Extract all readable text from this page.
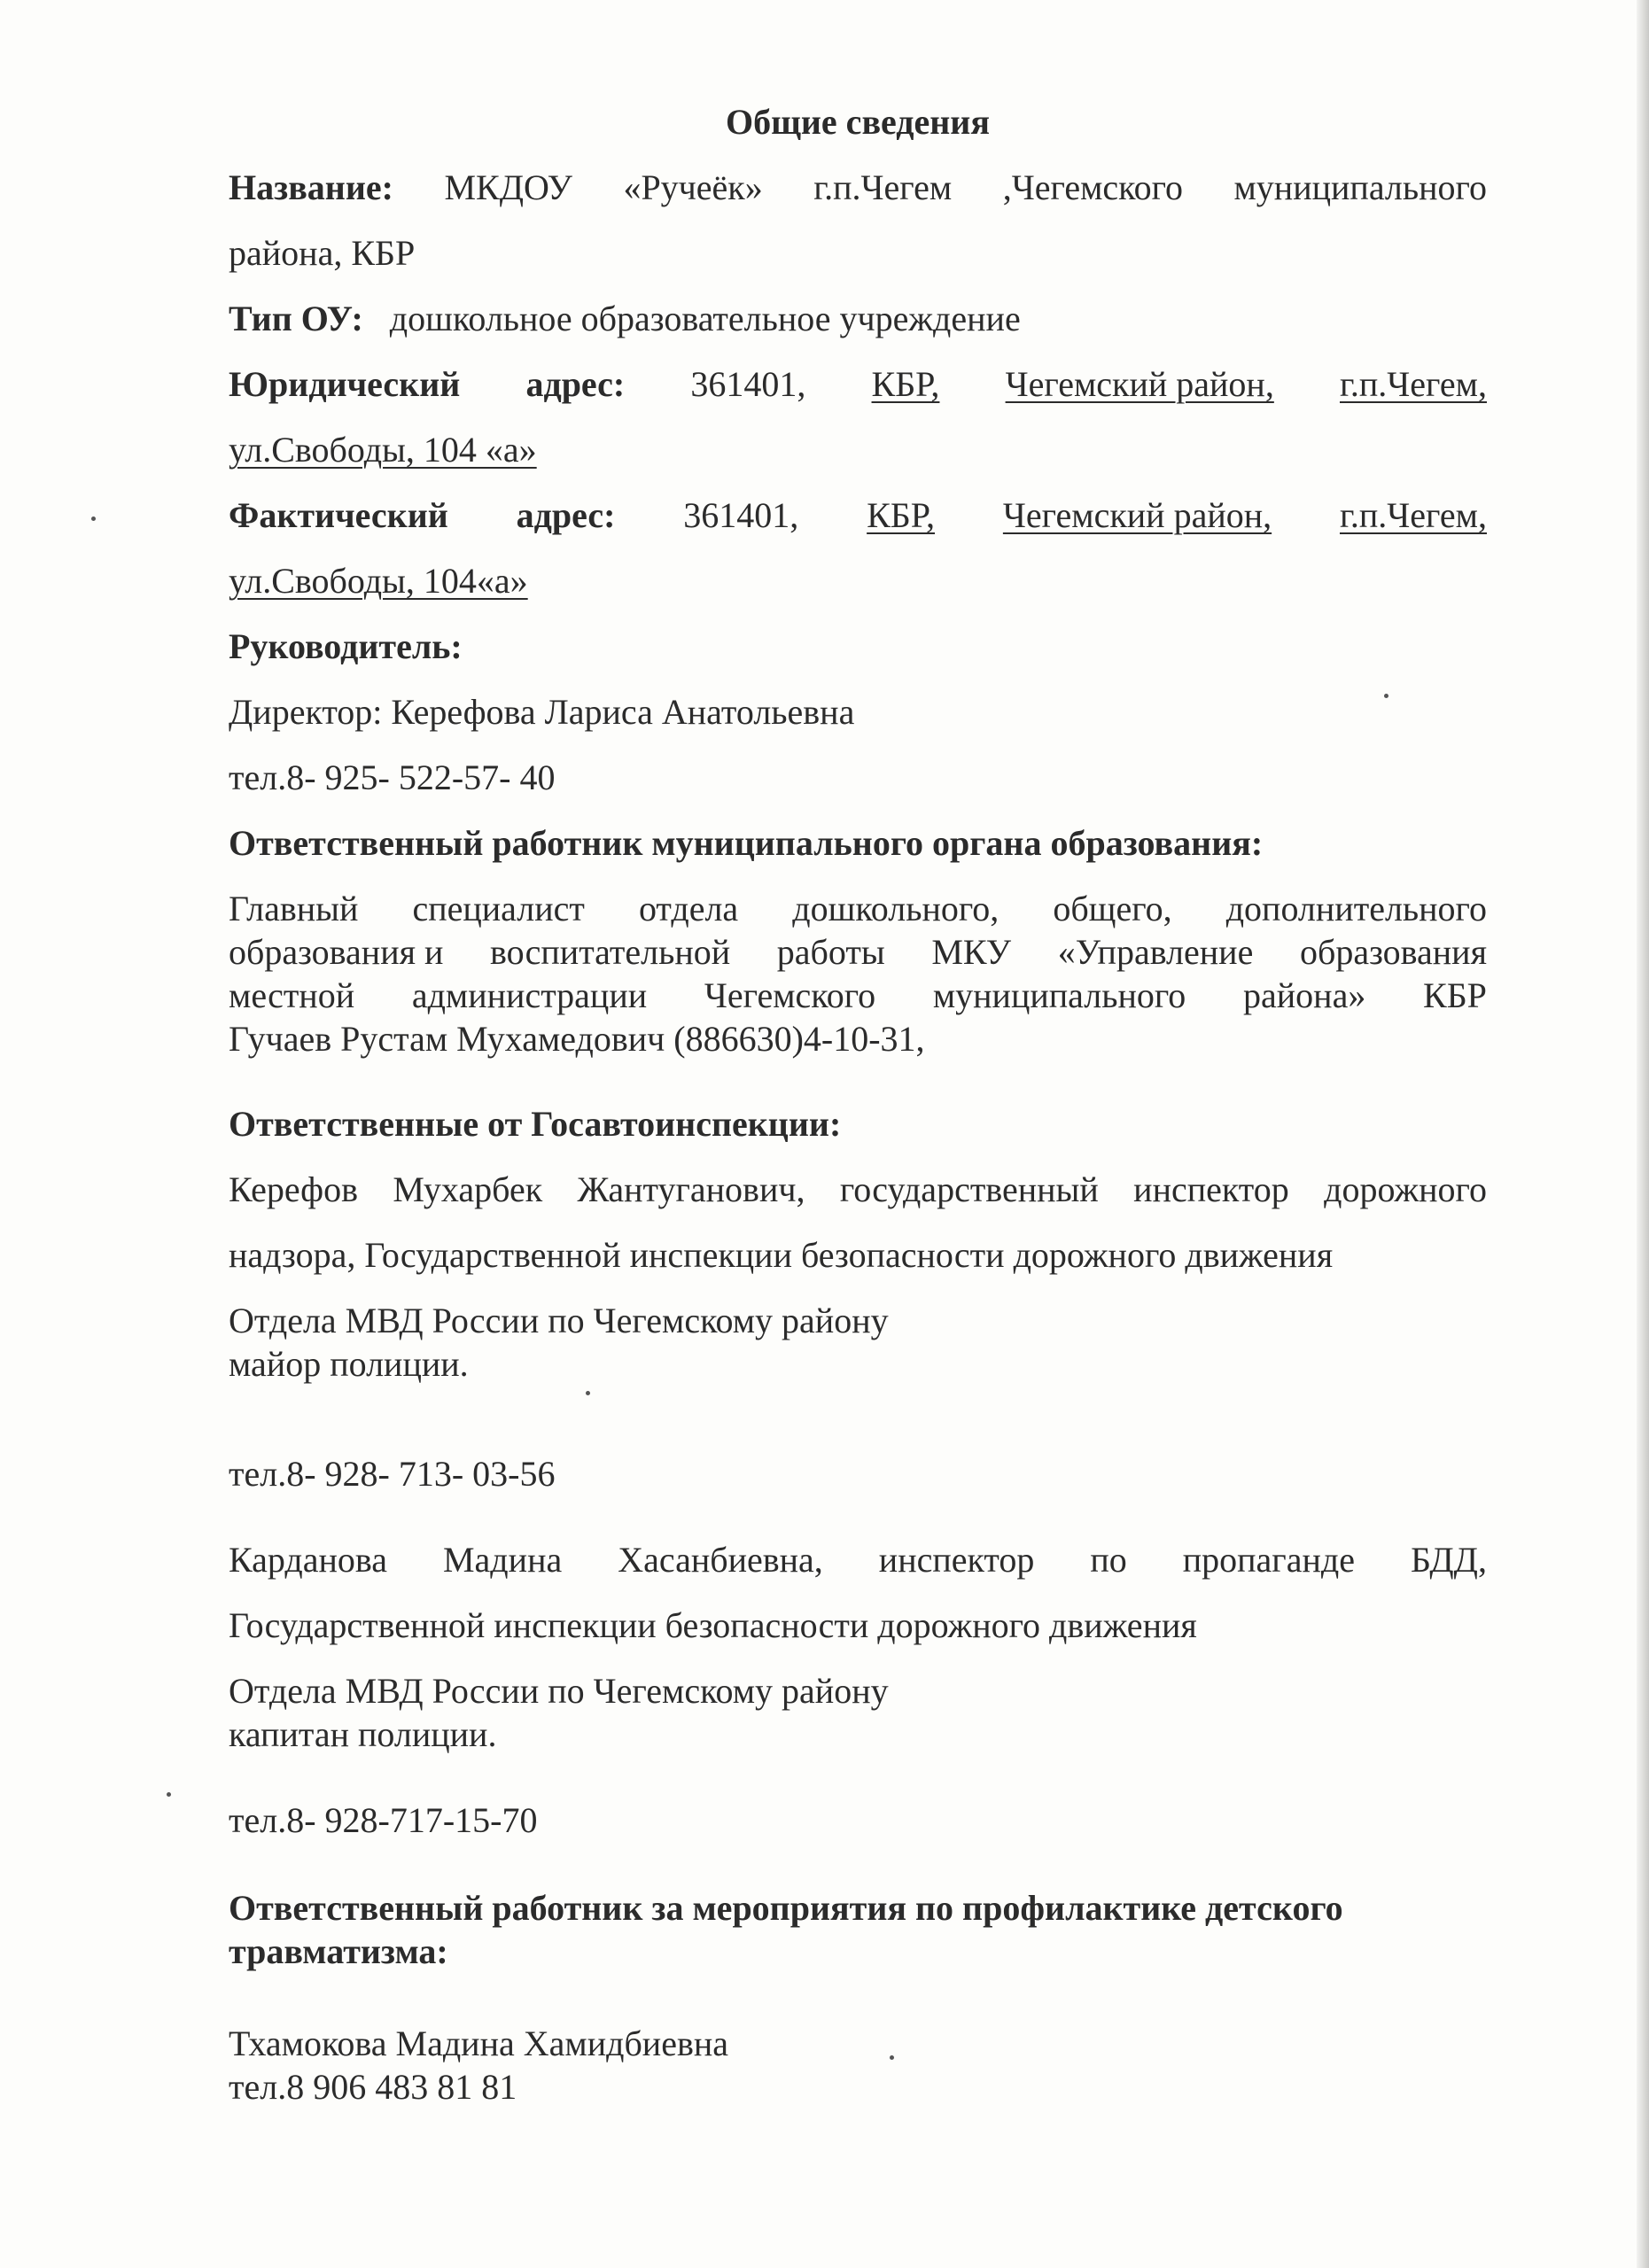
Общие сведения
Название: МКДОУ «Ручеёк» г.п.Чегем ,Чегемского муниципального
района, КБР
Тип ОУ: дошкольное образовательное учреждение
Юридический адрес: 361401, КБР, Чегемский район, г.п.Чегем,
ул.Свободы, 104 «а»
Фактический адрес: 361401, КБР, Чегемский район, г.п.Чегем,
ул.Свободы, 104«а»
Руководитель:
Директор: Керефова Лариса Анатольевна
тел.8- 925- 522-57- 40
Ответственный работник муниципального органа образования:
Главный специалист отдела дошкольного, общего, дополнительного
образования и воспитательной работы МКУ «Управление образования
местной администрации Чегемского муниципального района» КБР
Гучаев Рустам Мухамедович (886630)4-10-31,
Ответственные от Госавтоинспекции:
Керефов Мухарбек Жантуганович, государственный инспектор дорожного
надзора, Государственной инспекции безопасности дорожного движения
Отдела МВД России по Чегемскому району
майор полиции.
тел.8- 928- 713- 03-56
Карданова Мадина Хасанбиевна, инспектор по пропаганде БДД,
Государственной инспекции безопасности дорожного движения
Отдела МВД России по Чегемскому району
капитан полиции.
тел.8- 928-717-15-70
Ответственный работник за мероприятия по профилактике детского
травматизма:
Тхамокова Мадина Хамидбиевна
тел.8 906 483 81 81
